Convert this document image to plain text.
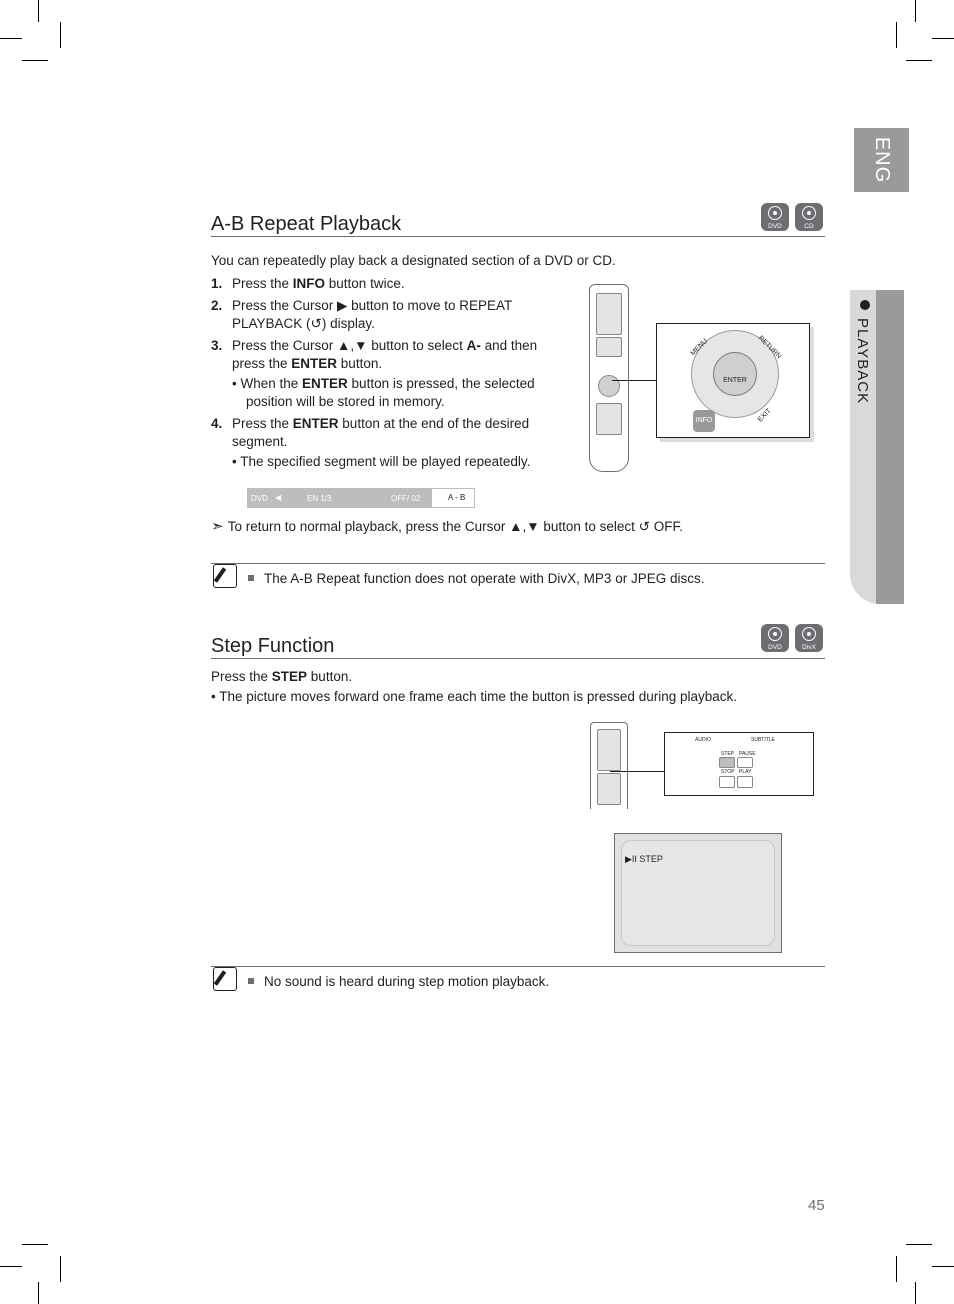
ENG
PLAYBACK
A-B Repeat Playback	DVD	CD
You can repeatedly play back a designated section of a DVD or CD.
1. Press the INFO button twice.
2. Press the Cursor ▶ button to move to REPEAT PLAYBACK (↺) display.
3. Press the Cursor ▲,▼ button to select A- and then press the ENTER button.
• When the ENTER button is pressed, the selected position will be stored in memory.
4. Press the ENTER button at the end of the desired segment.
• The specified segment will be played repeatedly.
ENTER
MENU	RETURN
INFO	EXIT
DVD ◀	EN 1/3	OFF/ 02	A - B
➣ To return to normal playback, press the Cursor ▲,▼ button to select ↺ OFF.
The A-B Repeat function does not operate with DivX, MP3 or JPEG discs.
Step Function	DVD	DivX
Press the STEP button.
• The picture moves forward one frame each time the button is pressed during playback.
AUDIO	SUBTITLE
STEP PAUSE
STOP PLAY
▶II STEP
No sound is heard during step motion playback.
45
